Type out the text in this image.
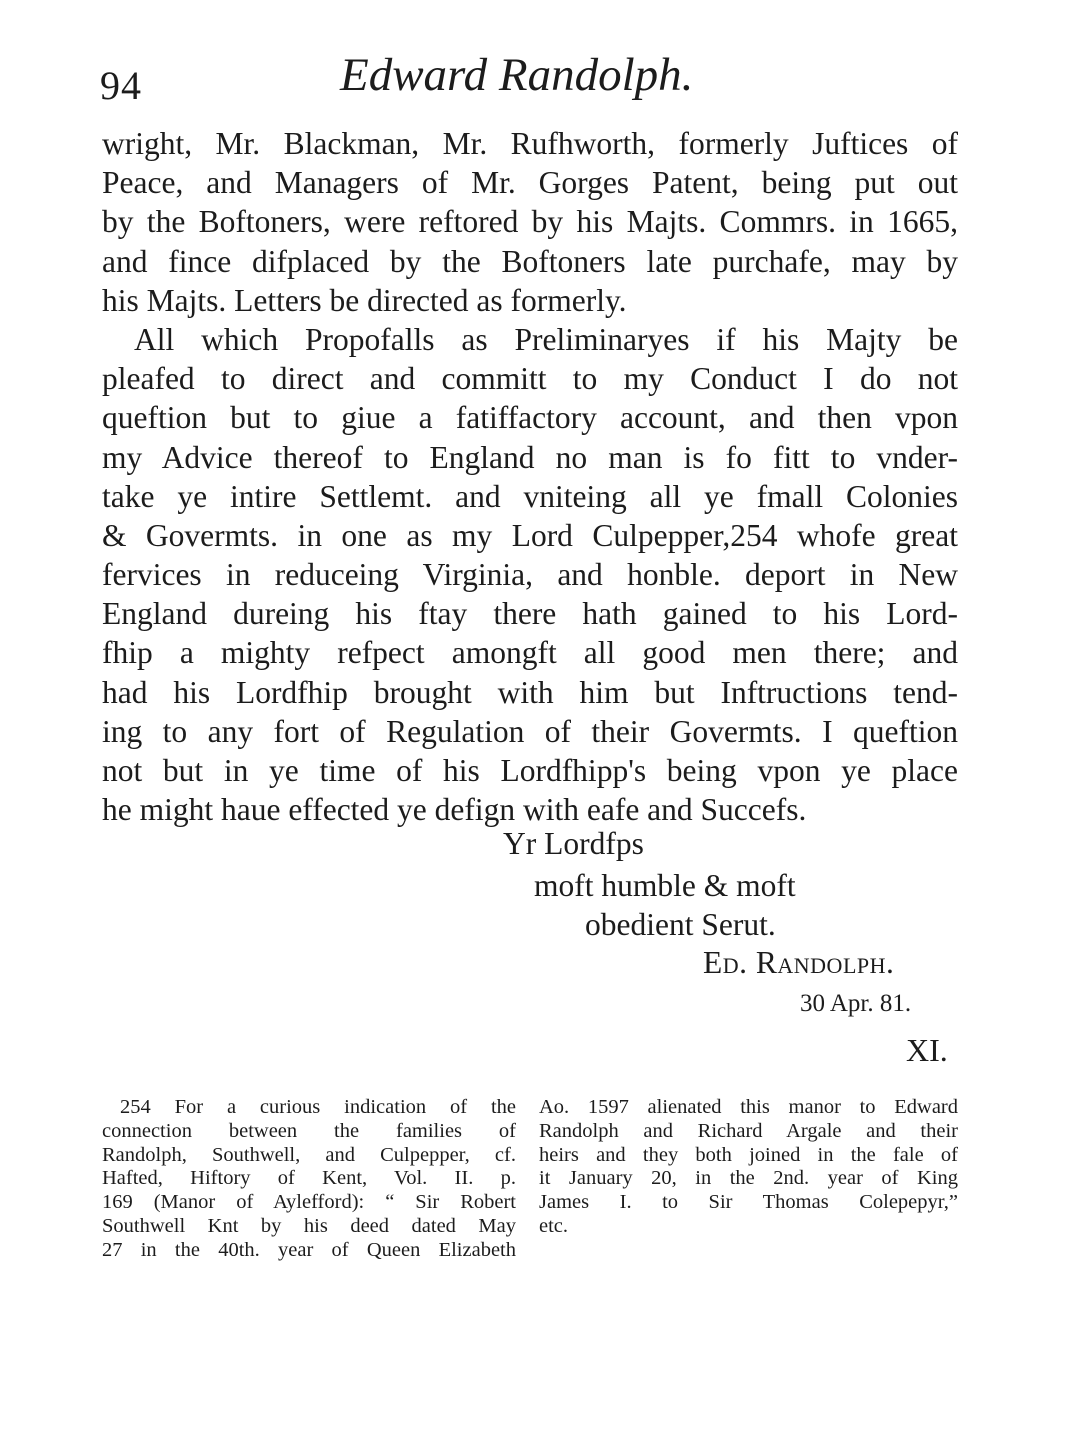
94	Edward Randolph.
wright, Mr. Blackman, Mr. Rufhworth, formerly Juftices of
Peace, and Managers of Mr. Gorges Patent, being put out
by the Boftoners, were reftored by his Majts. Commrs. in 1665,
and fince difplaced by the Boftoners late purchafe, may by
his Majts. Letters be directed as formerly.
All which Propofalls as Preliminaryes if his Majty be
pleafed to direct and committ to my Conduct I do not
queftion but to giue a fatiffactory account, and then vpon
my Advice thereof to England no man is fo fitt to vnder-
take ye intire Settlemt. and vniteing all ye fmall Colonies
& Govermts. in one as my Lord Culpepper,254 whofe great
fervices in reduceing Virginia, and honble. deport in New
England dureing his ftay there hath gained to his Lord-
fhip a mighty refpect amongft all good men there; and
had his Lordfhip brought with him but Inftructions tend-
ing to any fort of Regulation of their Govermts. I queftion
not but in ye time of his Lordfhipp's being vpon ye place
he might haue effected ye defign with eafe and Succefs.
Yr Lordfps
moft humble & moft
obedient Serut.
Ed. Randolph.
30 Apr. 81.
XI.
254 For a curious indication of the
connection between the families of
Randolph, Southwell, and Culpepper, cf.
Hafted, Hiftory of Kent, Vol. II. p.
169 (Manor of Aylefford): “ Sir Robert
Southwell Knt by his deed dated May
27 in the 40th. year of Queen Elizabeth
Ao. 1597 alienated this manor to Edward
Randolph and Richard Argale and their
heirs and they both joined in the fale of
it January 20, in the 2nd. year of King
James I. to Sir Thomas Colepepyr,”
etc.
